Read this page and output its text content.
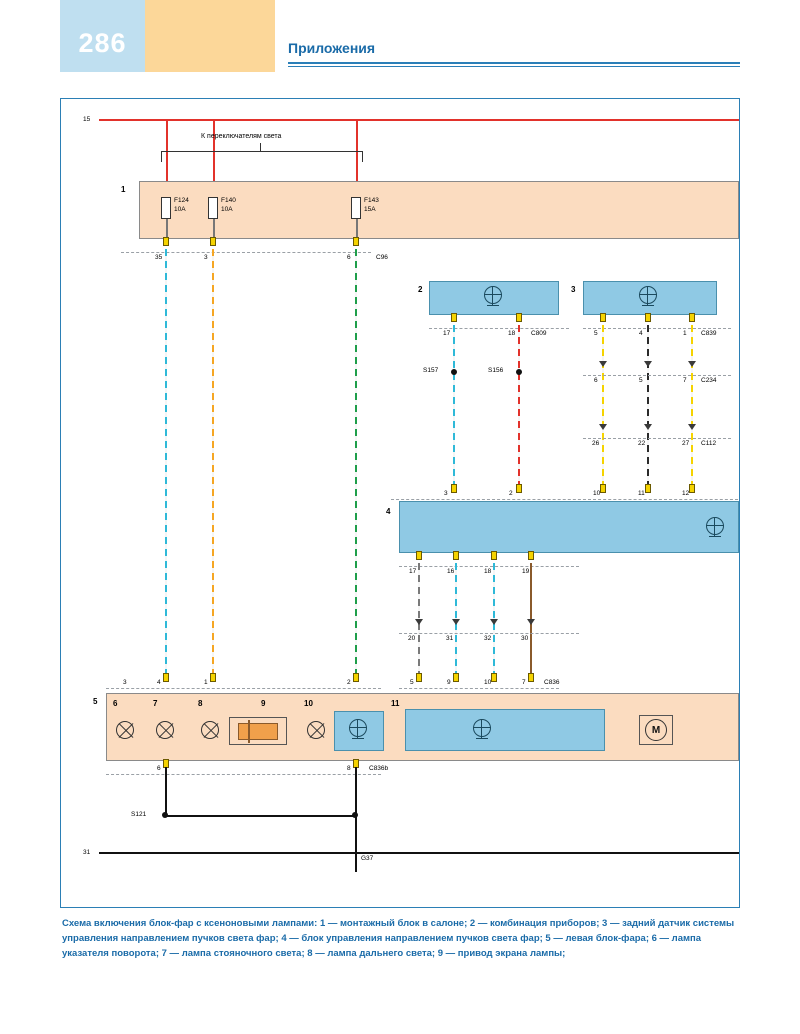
286	Приложения
15
К переключателям света
1
F124
10A
F140
10A
F143
15A
35	3	6	C96
2
17	18 C809
S157	S156
3	2
3
5	4	1 C839
6	5	7 C234
26	22	27 C112
10	11	12
4
17	16	18	19
20	31	32	30
5	9	10	7	C836
3	4	1	2
5 6	7	8	9	10	11
M
6	8	C836b
S121
31
G37
Схема включения блок-фар с ксеноновыми лампами: 1 — монтажный блок в салоне; 2 — комбинация приборов; 3 — задний датчик системы управления направлением пучков света фар; 4 — блок управления направлением пучков света фар; 5 — левая блок-фара; 6 — лампа указателя поворота; 7 — лампа стояночного света; 8 — лампа дальнего света; 9 — привод экрана лампы;
